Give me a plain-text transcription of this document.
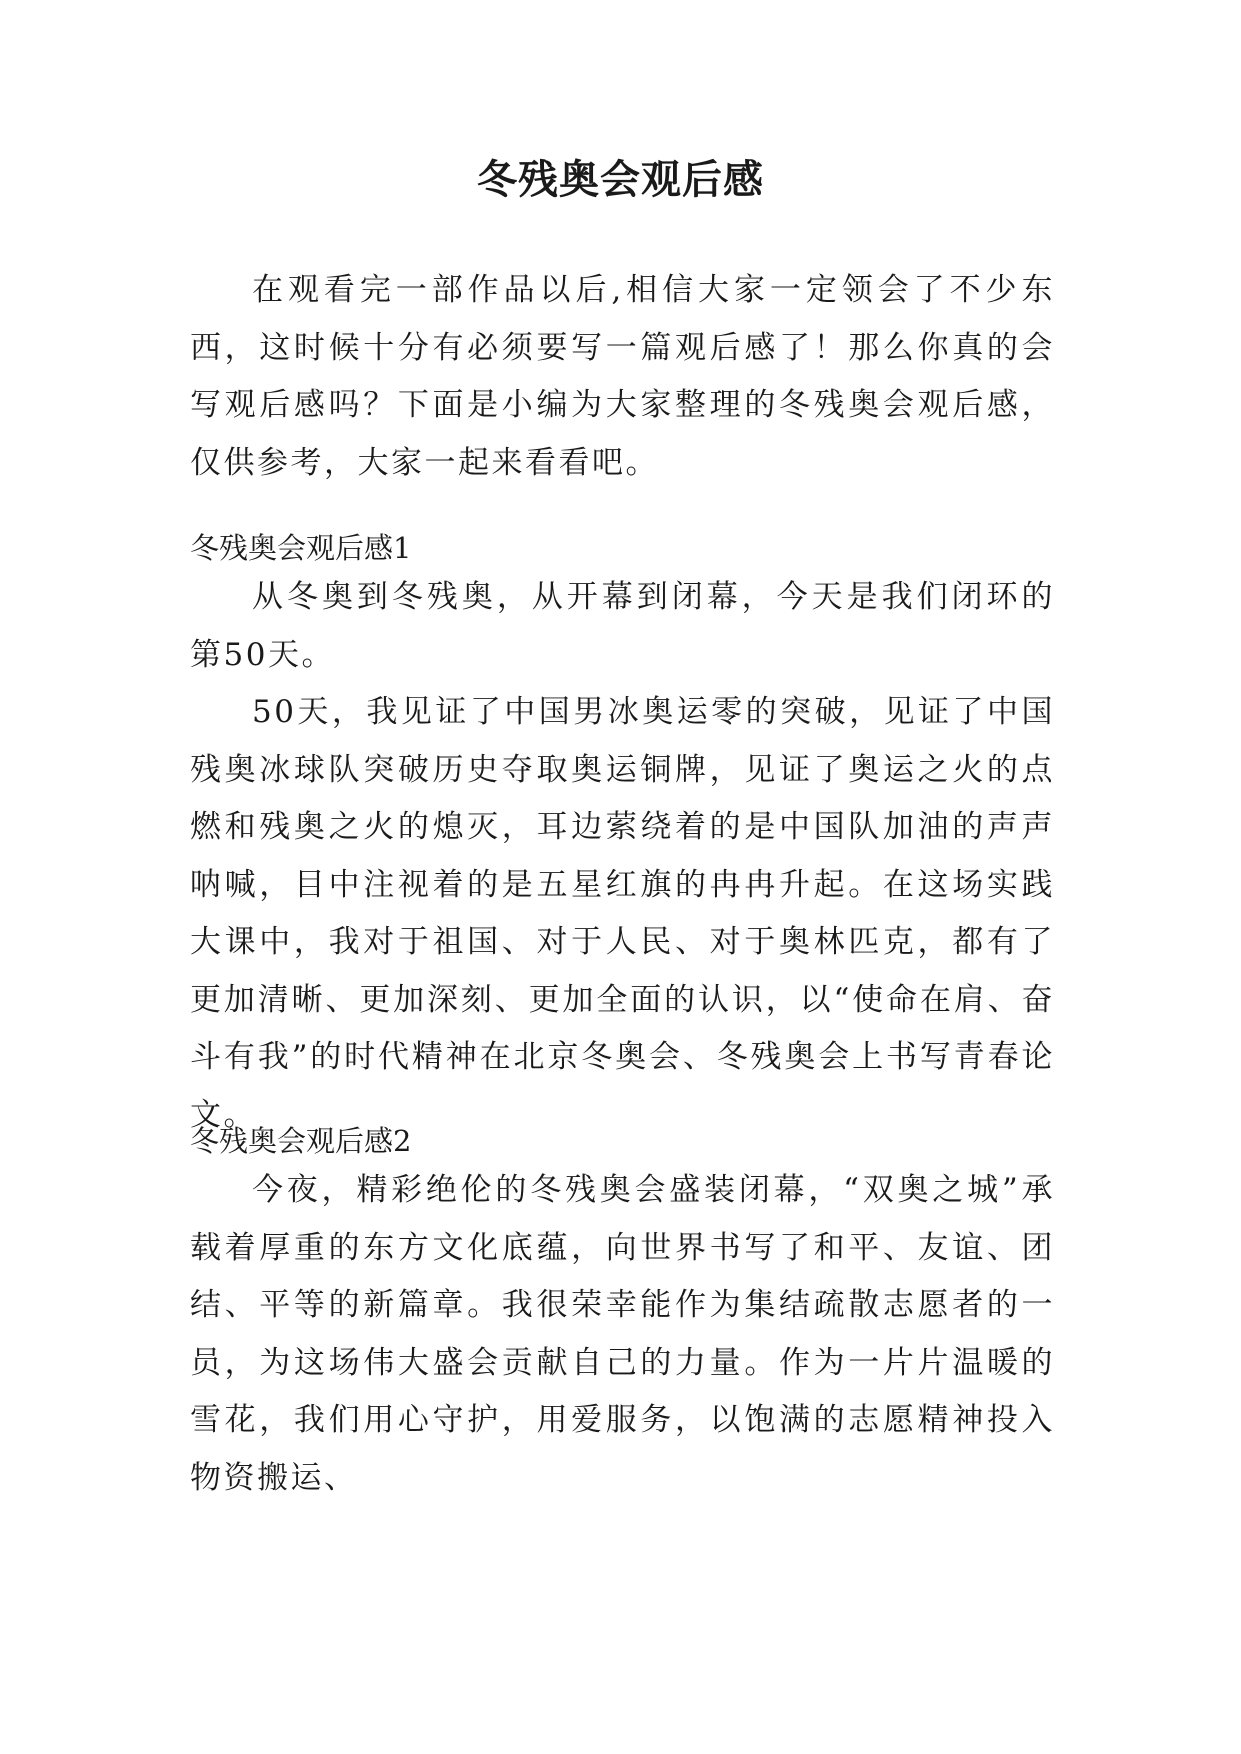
冬残奥会观后感

在观看完一部作品以后,相信大家一定领会了不少东西，这时候十分有必须要写一篇观后感了！那么你真的会写观后感吗？下面是小编为大家整理的冬残奥会观后感，仅供参考，大家一起来看看吧。

冬残奥会观后感1

从冬奥到冬残奥，从开幕到闭幕，今天是我们闭环的第50天。

50天，我见证了中国男冰奥运零的突破，见证了中国残奥冰球队突破历史夺取奥运铜牌，见证了奥运之火的点燃和残奥之火的熄灭，耳边萦绕着的是中国队加油的声声呐喊，目中注视着的是五星红旗的冉冉升起。在这场实践大课中，我对于祖国、对于人民、对于奥林匹克，都有了更加清晰、更加深刻、更加全面的认识，以“使命在肩、奋斗有我”的时代精神在北京冬奥会、冬残奥会上书写青春论文。

冬残奥会观后感2

今夜，精彩绝伦的冬残奥会盛装闭幕，“双奥之城”承载着厚重的东方文化底蕴，向世界书写了和平、友谊、团结、平等的新篇章。我很荣幸能作为集结疏散志愿者的一员，为这场伟大盛会贡献自己的力量。作为一片片温暖的雪花，我们用心守护，用爱服务，以饱满的志愿精神投入物资搬运、
